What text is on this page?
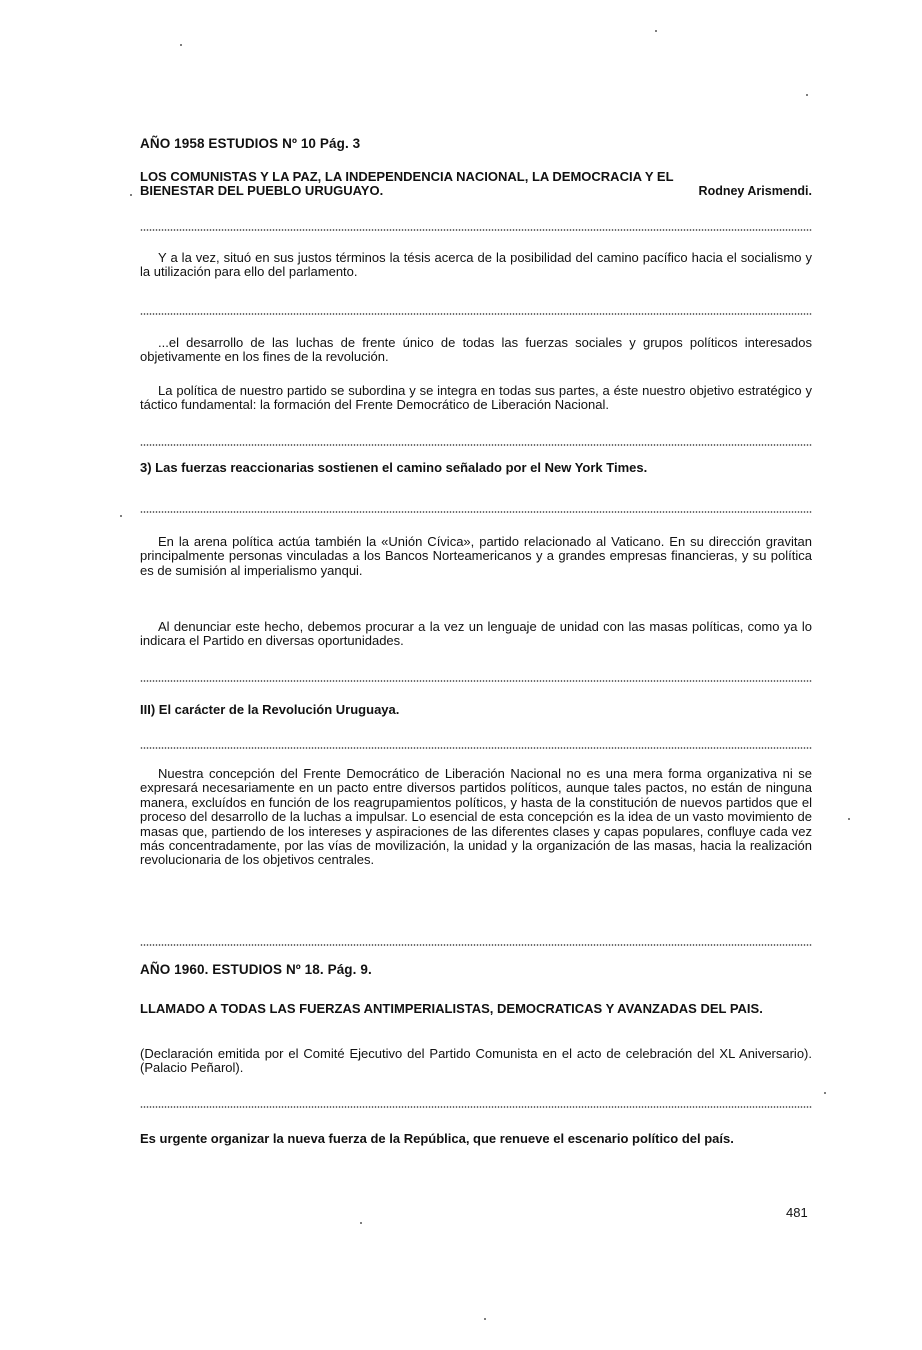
AÑO 1958 ESTUDIOS Nº 10 Pág. 3
LOS COMUNISTAS Y LA PAZ, LA INDEPENDENCIA NACIONAL, LA DEMOCRACIA Y EL BIENESTAR DEL PUEBLO URUGUAYO.	Rodney Arismendi.
Y a la vez, situó en sus justos términos la tésis acerca de la posibilidad del camino pacífico hacia el socialismo y la utilización para ello del parlamento.
...el desarrollo de las luchas de frente único de todas las fuerzas sociales y grupos políticos interesados objetivamente en los fines de la revolución.
La política de nuestro partido se subordina y se integra en todas sus partes, a éste nuestro objetivo estratégico y táctico fundamental: la formación del Frente Democrático de Liberación Nacional.
3) Las fuerzas reaccionarias sostienen el camino señalado por el New York Times.
En la arena política actúa también la «Unión Cívica», partido relacionado al Vaticano. En su dirección gravitan principalmente personas vinculadas a los Bancos Norteamericanos y a grandes empresas financieras, y su política es de sumisión al imperialismo yanqui.
Al denunciar este hecho, debemos procurar a la vez un lenguaje de unidad con las masas políticas, como ya lo indicara el Partido en diversas oportunidades.
III) El carácter de la Revolución Uruguaya.
Nuestra concepción del Frente Democrático de Liberación Nacional no es una mera forma organizativa ni se expresará necesariamente en un pacto entre diversos partidos políticos, aunque tales pactos, no están de ninguna manera, excluídos en función de los reagrupamientos políticos, y hasta de la constitución de nuevos partidos que el proceso del desarrollo de la luchas a impulsar. Lo esencial de esta concepción es la idea de un vasto movimiento de masas que, partiendo de los intereses y aspiraciones de las diferentes clases y capas populares, confluye cada vez más concentradamente, por las vías de movilización, la unidad y la organización de las masas, hacia la realización revolucionaria de los objetivos centrales.
AÑO 1960. ESTUDIOS Nº 18. Pág. 9.
LLAMADO A TODAS LAS FUERZAS ANTIMPERIALISTAS, DEMOCRATICAS Y AVANZADAS DEL PAIS.
(Declaración emitida por el Comité Ejecutivo del Partido Comunista en el acto de celebración del XL Aniversario). (Palacio Peñarol).
Es urgente organizar la nueva fuerza de la República, que renueve el escenario político del país.
481
